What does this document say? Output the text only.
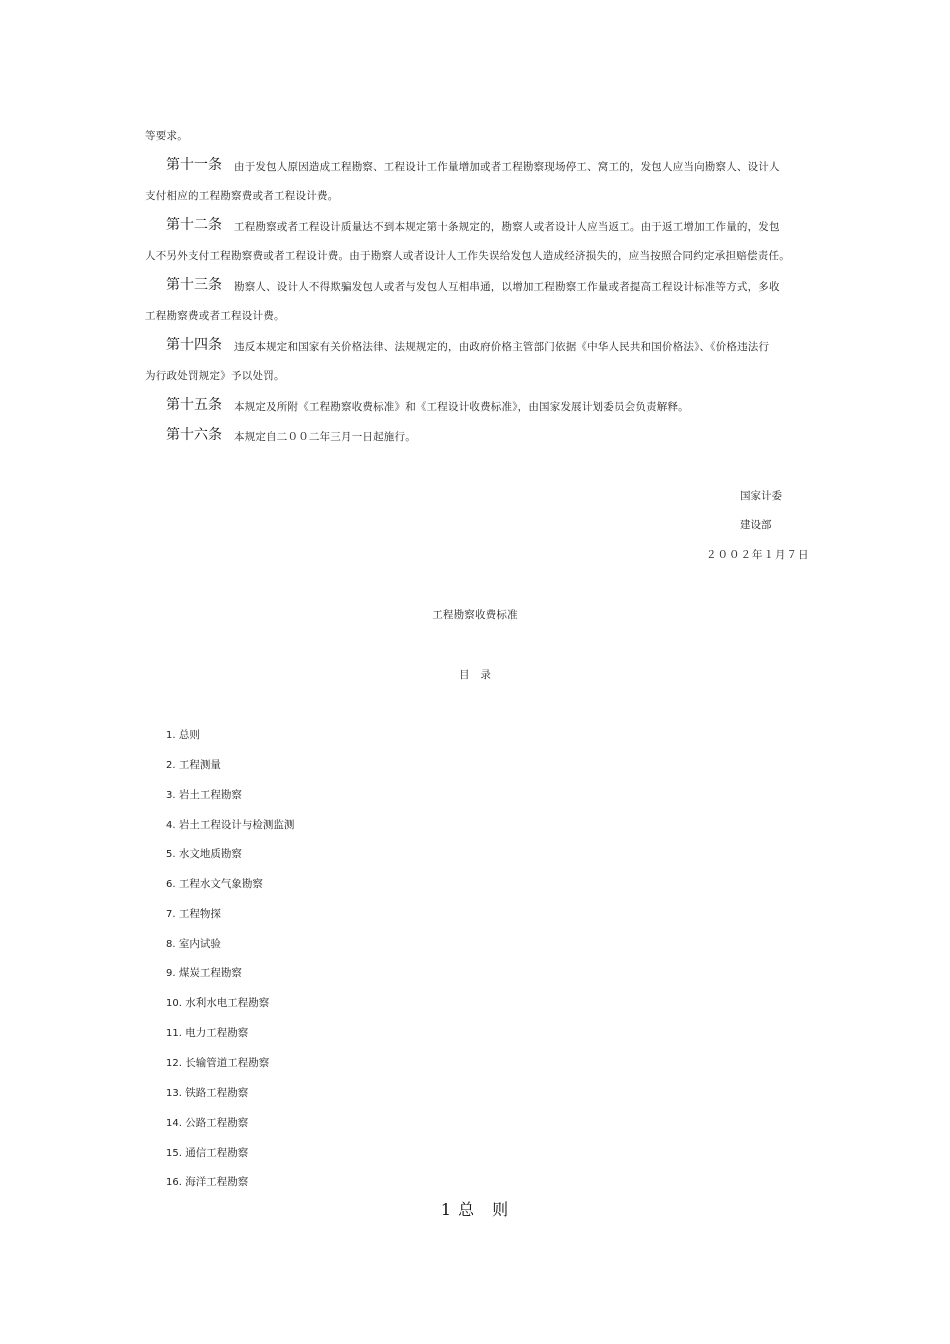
等要求。
第十一条 由于发包人原因造成工程勘察、工程设计工作量增加或者工程勘察现场停工、窝工的，发包人应当向勘察人、设计人
支付相应的工程勘察费或者工程设计费。
第十二条 工程勘察或者工程设计质量达不到本规定第十条规定的，勘察人或者设计人应当返工。由于返工增加工作量的，发包
人不另外支付工程勘察费或者工程设计费。由于勘察人或者设计人工作失误给发包人造成经济损失的，应当按照合同约定承担赔偿责任。
第十三条 勘察人、设计人不得欺骗发包人或者与发包人互相串通，以增加工程勘察工作量或者提高工程设计标准等方式，多收
工程勘察费或者工程设计费。
第十四条 违反本规定和国家有关价格法律、法规规定的，由政府价格主管部门依据《中华人民共和国价格法》、《价格违法行
为行政处罚规定》予以处罚。
第十五条 本规定及所附《工程勘察收费标准》和《工程设计收费标准》，由国家发展计划委员会负责解释。
第十六条 本规定自二００二年三月一日起施行。
国家计委
建设部
２００２年１月７日
工程勘察收费标准
目　录
1. 总则
2. 工程测量
3. 岩土工程勘察
4. 岩土工程设计与检测监测
5. 水文地质勘察
6. 工程水文气象勘察
7. 工程物探
8. 室内试验
9. 煤炭工程勘察
10. 水利水电工程勘察
11. 电力工程勘察
12. 长输管道工程勘察
13. 铁路工程勘察
14. 公路工程勘察
15. 通信工程勘察
16. 海洋工程勘察
1 总　则
